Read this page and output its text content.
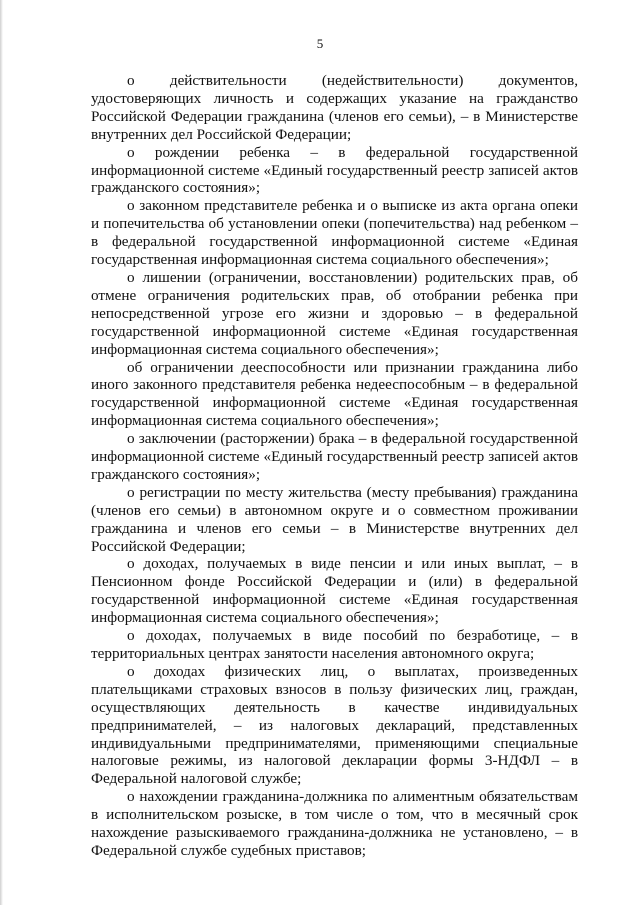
5

о действительности (недействительности) документов, удостоверяющих личность и содержащих указание на гражданство Российской Федерации гражданина (членов его семьи), – в Министерстве внутренних дел Российской Федерации;

о рождении ребенка – в федеральной государственной информационной системе «Единый государственный реестр записей актов гражданского состояния»;

о законном представителе ребенка и о выписке из акта органа опеки и попечительства об установлении опеки (попечительства) над ребенком – в федеральной государственной информационной системе «Единая государственная информационная система социального обеспечения»;

о лишении (ограничении, восстановлении) родительских прав, об отмене ограничения родительских прав, об отобрании ребенка при непосредственной угрозе его жизни и здоровью – в федеральной государственной информационной системе «Единая государственная информационная система социального обеспечения»;

об ограничении дееспособности или признании гражданина либо иного законного представителя ребенка недееспособным – в федеральной государственной информационной системе «Единая государственная информационная система социального обеспечения»;

о заключении (расторжении) брака – в федеральной государственной информационной системе «Единый государственный реестр записей актов гражданского состояния»;

о регистрации по месту жительства (месту пребывания) гражданина (членов его семьи) в автономном округе и о совместном проживании гражданина и членов его семьи – в Министерстве внутренних дел Российской Федерации;

о доходах, получаемых в виде пенсии и или иных выплат, – в Пенсионном фонде Российской Федерации и (или) в федеральной государственной информационной системе «Единая государственная информационная система социального обеспечения»;

о доходах, получаемых в виде пособий по безработице, – в территориальных центрах занятости населения автономного округа;

о доходах физических лиц, о выплатах, произведенных плательщиками страховых взносов в пользу физических лиц, граждан, осуществляющих деятельность в качестве индивидуальных предпринимателей, – из налоговых деклараций, представленных индивидуальными предпринимателями, применяющими специальные налоговые режимы, из налоговой декларации формы 3-НДФЛ – в Федеральной налоговой службе;

о нахождении гражданина-должника по алиментным обязательствам в исполнительском розыске, в том числе о том, что в месячный срок нахождение разыскиваемого гражданина-должника не установлено, – в Федеральной службе судебных приставов;
